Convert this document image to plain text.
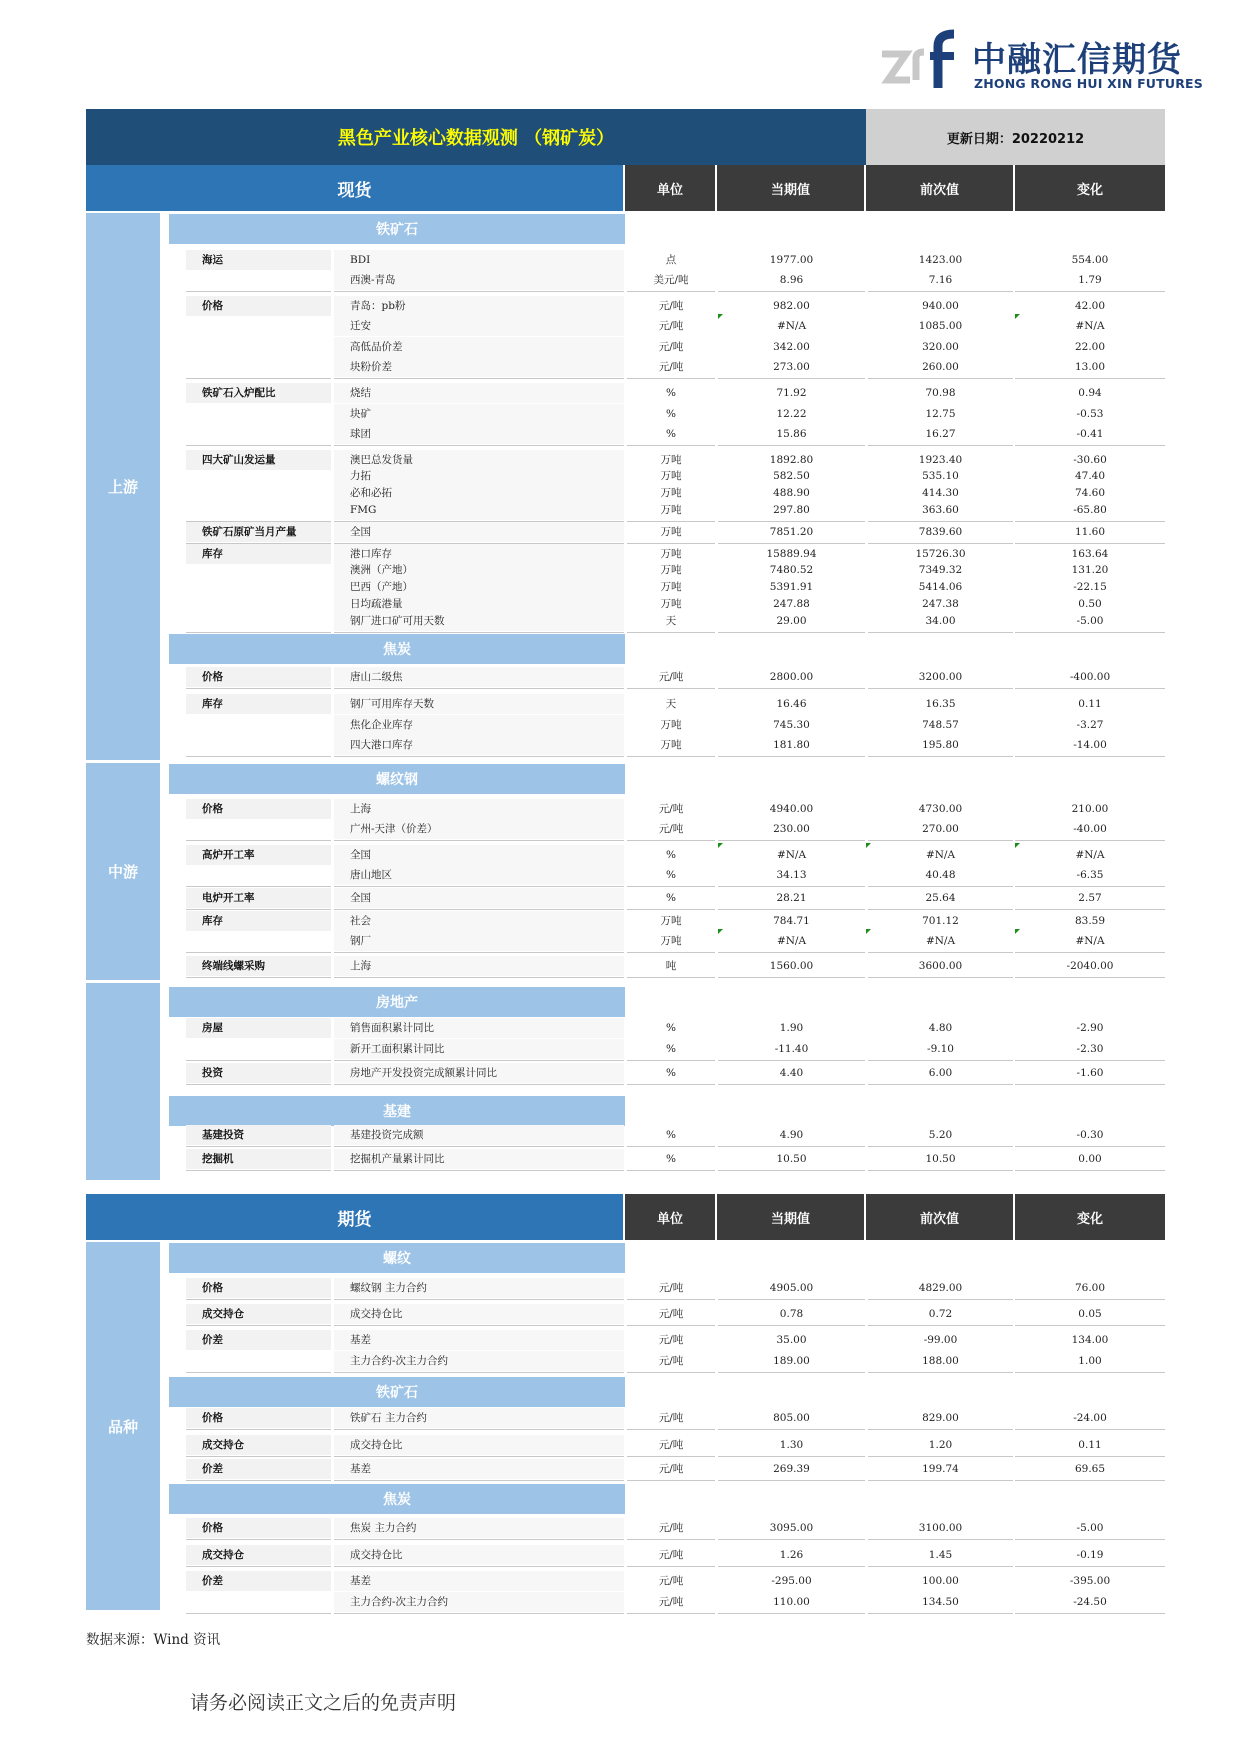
中融汇信期货
ZHONG RONG HUI XIN FUTURES
黑色产业核心数据观测 （钢矿炭）	更新日期：20220212
现货	单位	当期值	前次值	变化
上游
中游
铁矿石
焦炭
螺纹钢
房地产
基建
海运	BDI	点	1977.00	1423.00	554.00
西澳-青岛	美元/吨	8.96	7.16	1.79
价格	青岛：pb粉	元/吨	982.00	940.00	42.00
迁安	元/吨	#N/A	1085.00	#N/A
高低品价差	元/吨	342.00	320.00	22.00
块粉价差	元/吨	273.00	260.00	13.00
铁矿石入炉配比	烧结	%	71.92	70.98	0.94
块矿	%	12.22	12.75	-0.53
球团	%	15.86	16.27	-0.41
四大矿山发运量	澳巴总发货量	万吨	1892.80	1923.40	-30.60
力拓	万吨	582.50	535.10	47.40
必和必拓	万吨	488.90	414.30	74.60
FMG	万吨	297.80	363.60	-65.80
铁矿石原矿当月产量	全国	万吨	7851.20	7839.60	11.60
库存	港口库存	万吨	15889.94	15726.30	163.64
澳洲（产地）	万吨	7480.52	7349.32	131.20
巴西（产地）	万吨	5391.91	5414.06	-22.15
日均疏港量	万吨	247.88	247.38	0.50
钢厂进口矿可用天数	天	29.00	34.00	-5.00
价格	唐山二级焦	元/吨	2800.00	3200.00	-400.00
库存	钢厂可用库存天数	天	16.46	16.35	0.11
焦化企业库存	万吨	745.30	748.57	-3.27
四大港口库存	万吨	181.80	195.80	-14.00
价格	上海	元/吨	4940.00	4730.00	210.00
广州-天津（价差）	元/吨	230.00	270.00	-40.00
高炉开工率	全国	%	#N/A	#N/A	#N/A
唐山地区	%	34.13	40.48	-6.35
电炉开工率	全国	%	28.21	25.64	2.57
库存	社会	万吨	784.71	701.12	83.59
钢厂	万吨	#N/A	#N/A	#N/A
终端线螺采购	上海	吨	1560.00	3600.00	-2040.00
房屋	销售面积累计同比	%	1.90	4.80	-2.90
新开工面积累计同比	%	-11.40	-9.10	-2.30
投资	房地产开发投资完成额累计同比	%	4.40	6.00	-1.60
基建投资	基建投资完成额	%	4.90	5.20	-0.30
挖掘机	挖掘机产量累计同比	%	10.50	10.50	0.00
期货	单位	当期值	前次值	变化
品种
螺纹
铁矿石
焦炭
价格	螺纹钢 主力合约	元/吨	4905.00	4829.00	76.00
成交持仓	成交持仓比	元/吨	0.78	0.72	0.05
价差	基差	元/吨	35.00	-99.00	134.00
主力合约-次主力合约	元/吨	189.00	188.00	1.00
价格	铁矿石 主力合约	元/吨	805.00	829.00	-24.00
成交持仓	成交持仓比	元/吨	1.30	1.20	0.11
价差	基差	元/吨	269.39	199.74	69.65
价格	焦炭 主力合约	元/吨	3095.00	3100.00	-5.00
成交持仓	成交持仓比	元/吨	1.26	1.45	-0.19
价差	基差	元/吨	-295.00	100.00	-395.00
主力合约-次主力合约	元/吨	110.00	134.50	-24.50
数据来源：Wind 资讯
请务必阅读正文之后的免责声明
